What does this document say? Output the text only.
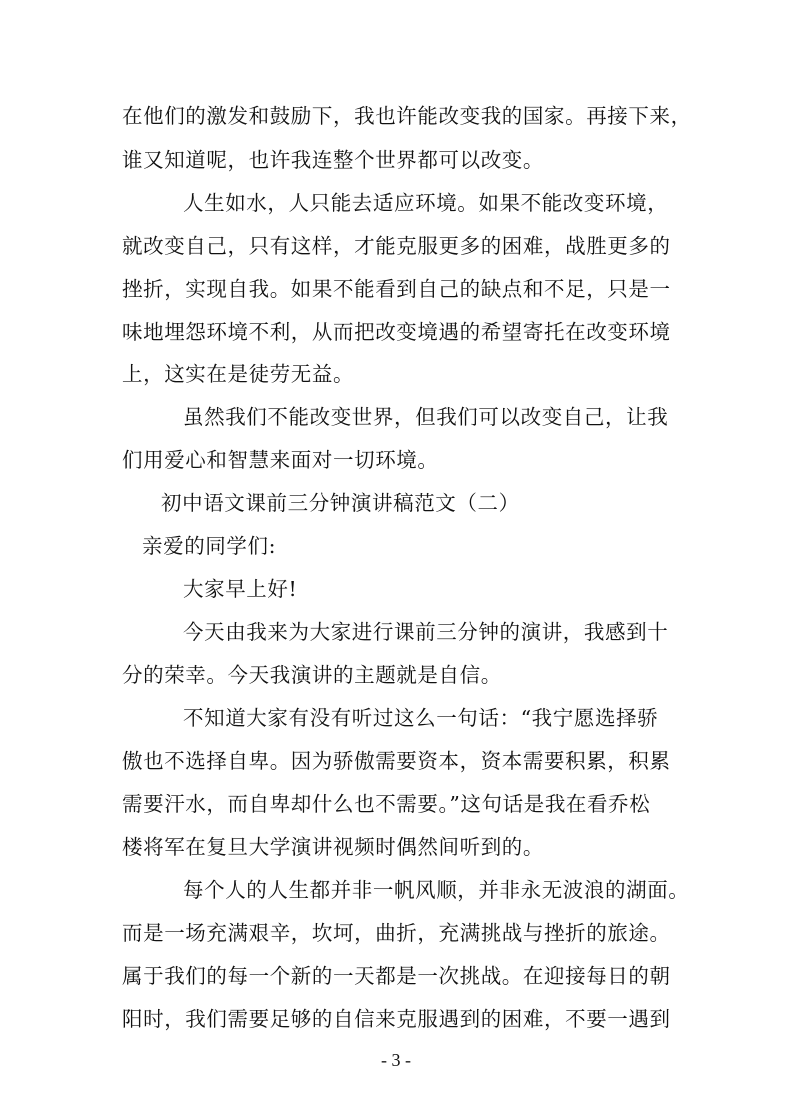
在他们的激发和鼓励下，我也许能改变我的国家。再接下来，
谁又知道呢，也许我连整个世界都可以改变。
人生如水，人只能去适应环境。如果不能改变环境，
就改变自己，只有这样，才能克服更多的困难，战胜更多的
挫折，实现自我。如果不能看到自己的缺点和不足，只是一
味地埋怨环境不利，从而把改变境遇的希望寄托在改变环境
上，这实在是徒劳无益。
虽然我们不能改变世界，但我们可以改变自己，让我
们用爱心和智慧来面对一切环境。
初中语文课前三分钟演讲稿范文（二）
亲爱的同学们:
大家早上好!
今天由我来为大家进行课前三分钟的演讲，我感到十
分的荣幸。今天我演讲的主题就是自信。
不知道大家有没有听过这么一句话：“我宁愿选择骄
傲也不选择自卑。因为骄傲需要资本，资本需要积累，积累
需要汗水，而自卑却什么也不需要。”这句话是我在看乔松
楼将军在复旦大学演讲视频时偶然间听到的。
每个人的人生都并非一帆风顺，并非永无波浪的湖面。
而是一场充满艰辛，坎坷，曲折，充满挑战与挫折的旅途。
属于我们的每一个新的一天都是一次挑战。在迎接每日的朝
阳时，我们需要足够的自信来克服遇到的困难，不要一遇到
- 3 -
